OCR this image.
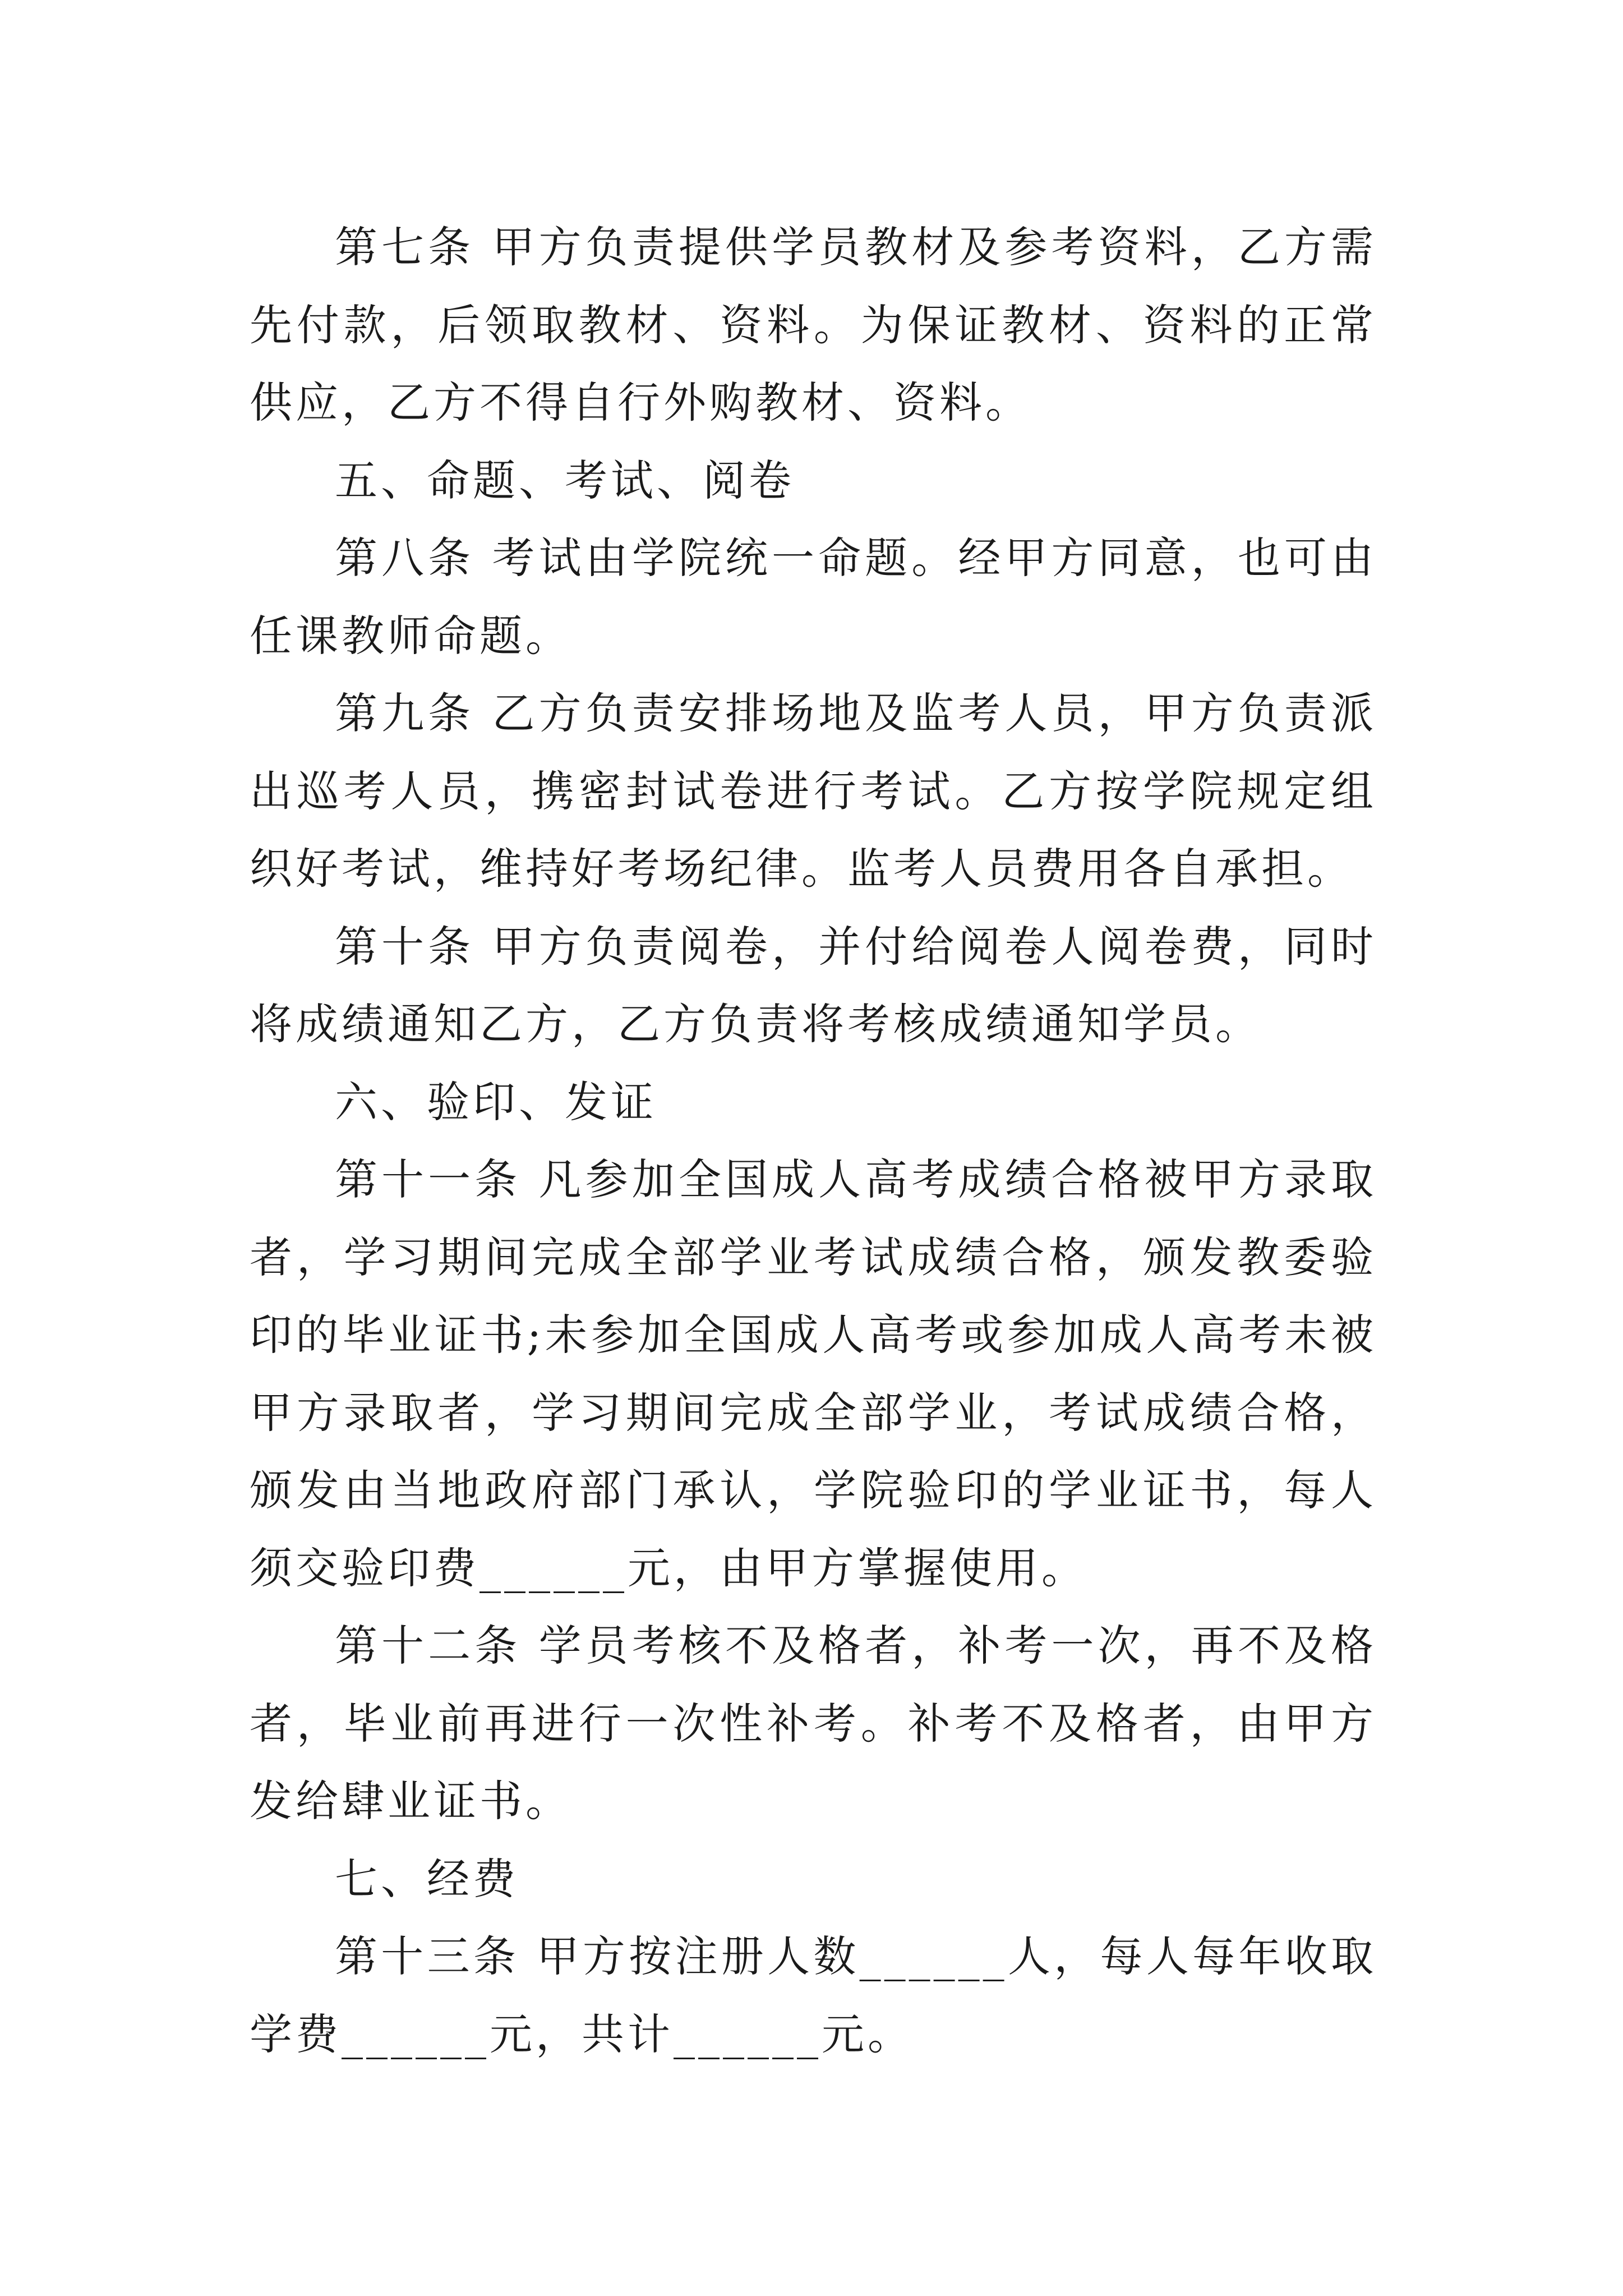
第七条 甲方负责提供学员教材及参考资料，乙方需先付款，后领取教材、资料。为保证教材、资料的正常供应，乙方不得自行外购教材、资料。

五、命题、考试、阅卷

第八条 考试由学院统一命题。经甲方同意，也可由任课教师命题。

第九条 乙方负责安排场地及监考人员，甲方负责派出巡考人员，携密封试卷进行考试。乙方按学院规定组织好考试，维持好考场纪律。监考人员费用各自承担。

第十条 甲方负责阅卷，并付给阅卷人阅卷费，同时将成绩通知乙方，乙方负责将考核成绩通知学员。

六、验印、发证

第十一条 凡参加全国成人高考成绩合格被甲方录取者，学习期间完成全部学业考试成绩合格，颁发教委验印的毕业证书;未参加全国成人高考或参加成人高考未被甲方录取者，学习期间完成全部学业，考试成绩合格，颁发由当地政府部门承认，学院验印的学业证书，每人须交验印费______元，由甲方掌握使用。

第十二条 学员考核不及格者，补考一次，再不及格者，毕业前再进行一次性补考。补考不及格者，由甲方发给肆业证书。

七、经费

第十三条 甲方按注册人数______人，每人每年收取学费______元，共计______元。
